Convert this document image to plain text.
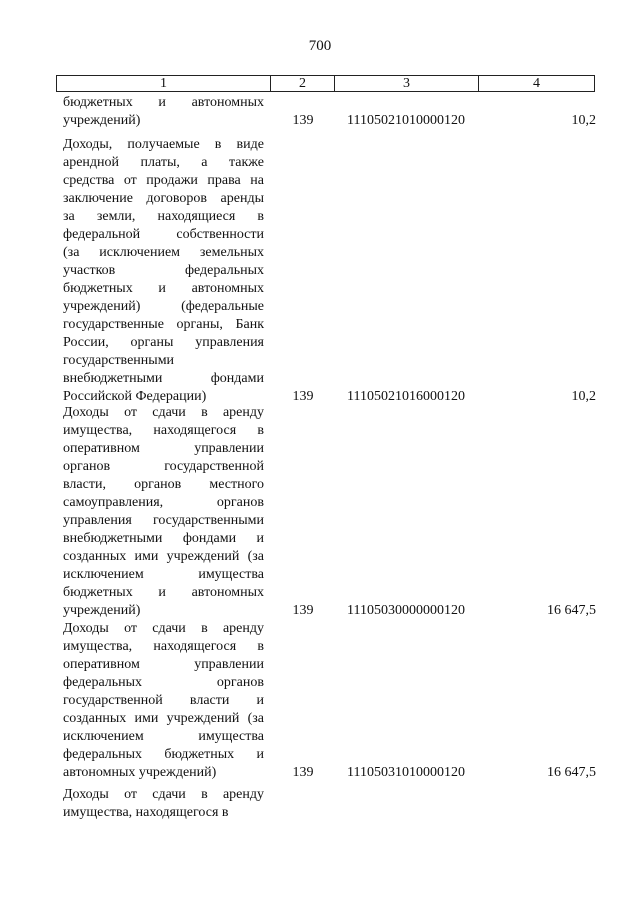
700
1	2	3	4
бюджетных и автономных
учреждений)	139	11105021010000120	10,2
Доходы, получаемые в виде
арендной платы, а также
средства от продажи права на
заключение договоров аренды
за земли, находящиеся в
федеральной собственности
(за исключением земельных
участков федеральных
бюджетных и автономных
учреждений) (федеральные
государственные органы, Банк
России, органы управления
государственными
внебюджетными фондами
Российской Федерации)	139	11105021016000120	10,2
Доходы от сдачи в аренду
имущества, находящегося в
оперативном управлении
органов государственной
власти, органов местного
самоуправления, органов
управления государственными
внебюджетными фондами и
созданных ими учреждений (за
исключением имущества
бюджетных и автономных
учреждений)	139	11105030000000120	16 647,5
Доходы от сдачи в аренду
имущества, находящегося в
оперативном управлении
федеральных органов
государственной власти и
созданных ими учреждений (за
исключением имущества
федеральных бюджетных и
автономных учреждений)	139	11105031010000120	16 647,5
Доходы от сдачи в аренду
имущества, находящегося в
